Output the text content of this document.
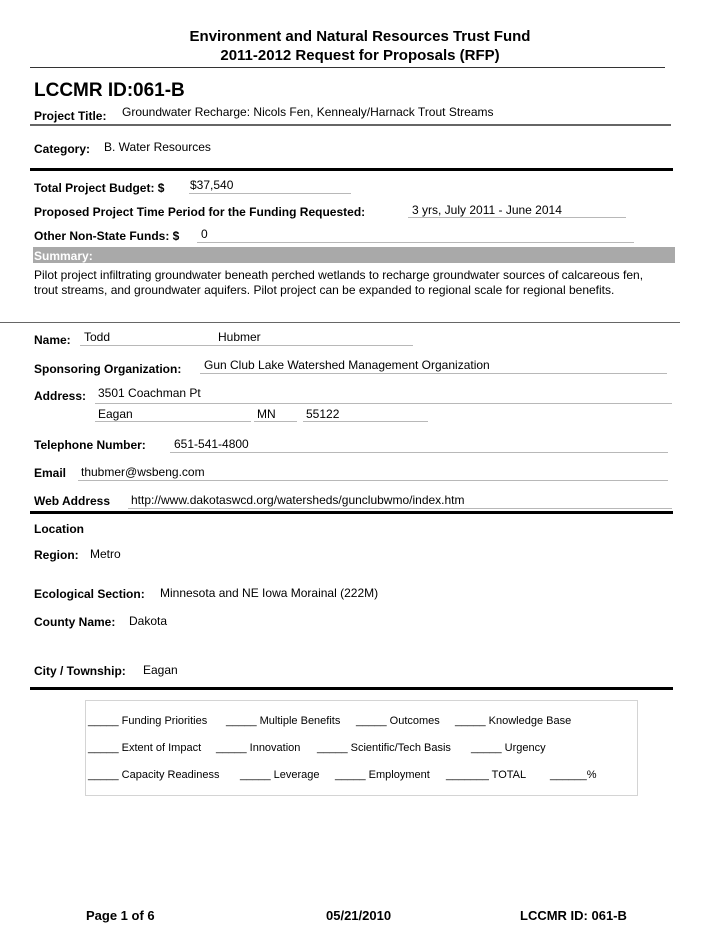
Environment and Natural Resources Trust Fund
2011-2012 Request for Proposals (RFP)
LCCMR ID: 061-B
Project Title: Groundwater Recharge: Nicols Fen, Kennealy/Harnack Trout Streams
Category: B. Water Resources
Total Project Budget: $ $37,540
Proposed Project Time Period for the Funding Requested:	3 yrs, July 2011 - June 2014
Other Non-State Funds: $ 0
Summary:
Pilot project infiltrating groundwater beneath perched wetlands to recharge groundwater sources of calcareous fen, trout streams, and groundwater aquifers. Pilot project can be expanded to regional scale for regional benefits.
Name: Todd	Hubmer
Sponsoring Organization: Gun Club Lake Watershed Management Organization
Address: 3501 Coachman Pt
Eagan	MN	55122
Telephone Number: 651-541-4800
Email thubmer@wsbeng.com
Web Address http://www.dakotaswcd.org/watersheds/gunclubwmo/index.htm
Location
Region: Metro
Ecological Section: Minnesota and NE Iowa Morainal (222M)
County Name: Dakota
City / Township: Eagan
_____ Funding Priorities _____ Multiple Benefits _____ Outcomes _____ Knowledge Base
_____ Extent of Impact _____ Innovation _____ Scientific/Tech Basis _____ Urgency
_____ Capacity Readiness _____ Leverage _____ Employment _______ TOTAL ______%
Page 1 of 6	05/21/2010	LCCMR ID: 061-B
